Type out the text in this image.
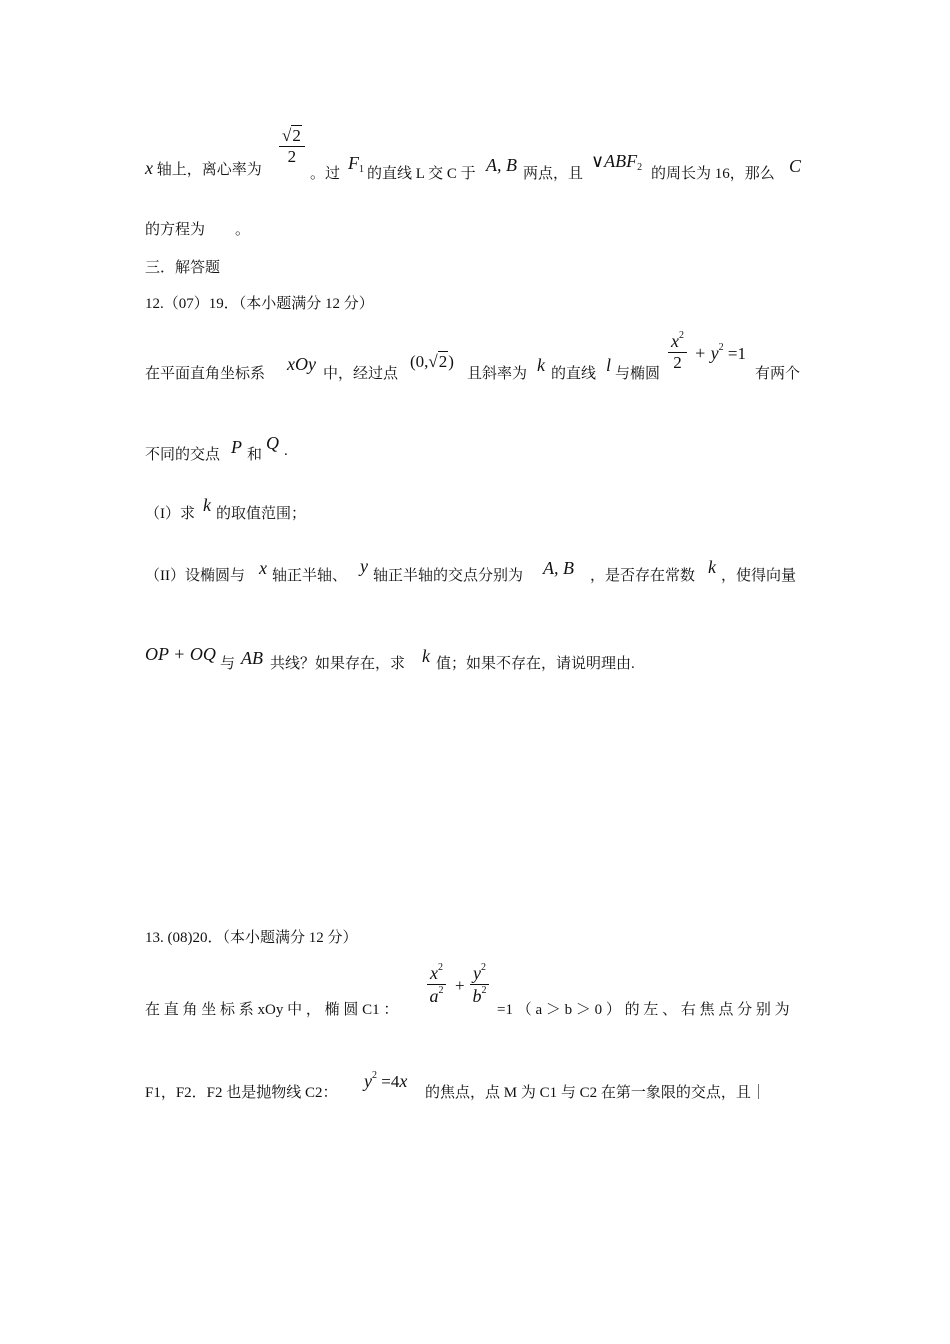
x 轴上，离心率为
√2
2
。过
$F_1$ 的直线 L 交 C 于 A, B 两点，且
$\vee ABF_2$ 的周长为 16，那么 C
的方程为　　。
三．解答题
12.（07）19．（本小题满分 12 分）
在平面直角坐标系 xOy 中，经过点
(0,√2)
且斜率为 k 的直线 l 与椭圆
$x^2$
$2 + y^2 =1$
有两个
不同的交点 P 和
Q .
（I）求 k 的取值范围；
（II）设椭圆与 x 轴正半轴、 y 轴正半轴的交点分别为 A, B ，是否存在常数 k ，使得向量
OP + OQ 与 AB 共线？如果存在，求 k 值；如果不存在，请说明理由.
13. (08)20．（本小题满分 12 分）
在 直 角 坐 标 系 xOy 中 ， 椭 圆 C1 ：
$x^2$
$a^2$ +
$y^2$
$b^2$
=1 （ a ＞ b ＞ 0 ） 的 左 、 右 焦 点 分 别 为
F1，F2．F2 也是抛物线 C2：
$y^2 =4x$
的焦点，点 M 为 C1 与 C2 在第一象限的交点，且｜
